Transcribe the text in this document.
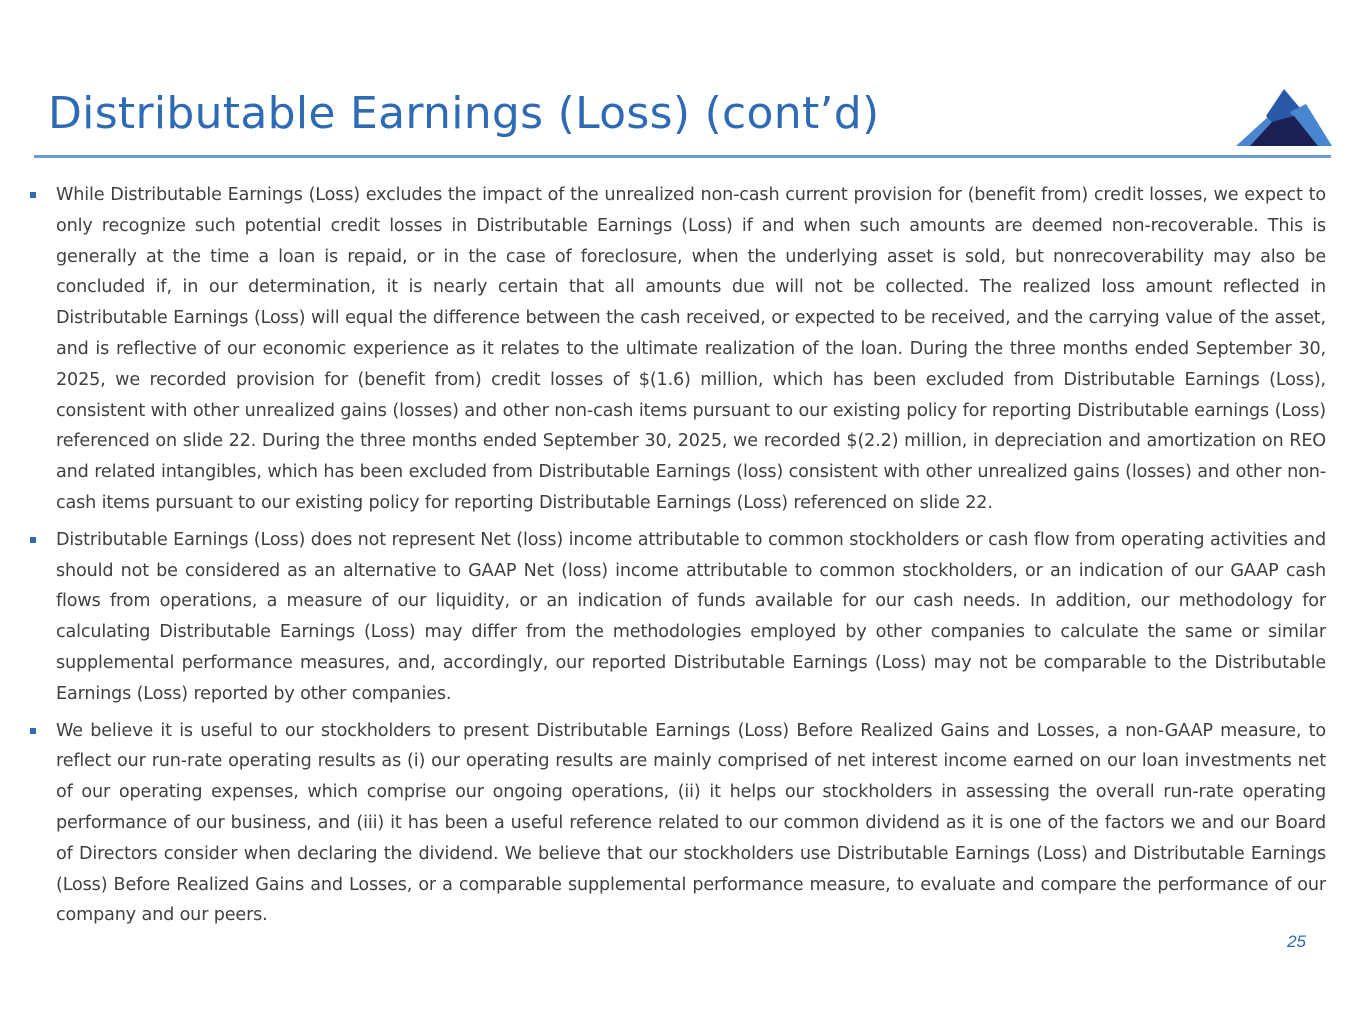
Distributable Earnings (Loss) (cont’d)
While Distributable Earnings (Loss) excludes the impact of the unrealized non-cash current provision for (benefit from) credit losses, we expect to only recognize such potential credit losses in Distributable Earnings (Loss) if and when such amounts are deemed non-recoverable. This is generally at the time a loan is repaid, or in the case of foreclosure, when the underlying asset is sold, but nonrecoverability may also be concluded if, in our determination, it is nearly certain that all amounts due will not be collected. The realized loss amount reflected in Distributable Earnings (Loss) will equal the difference between the cash received, or expected to be received, and the carrying value of the asset, and is reflective of our economic experience as it relates to the ultimate realization of the loan. During the three months ended September 30, 2025, we recorded provision for (benefit from) credit losses of $(1.6) million, which has been excluded from Distributable Earnings (Loss), consistent with other unrealized gains (losses) and other non-cash items pursuant to our existing policy for reporting Distributable earnings (Loss) referenced on slide 22. During the three months ended September 30, 2025, we recorded $(2.2) million, in depreciation and amortization on REO and related intangibles, which has been excluded from Distributable Earnings (loss) consistent with other unrealized gains (losses) and other non-cash items pursuant to our existing policy for reporting Distributable Earnings (Loss) referenced on slide 22.
Distributable Earnings (Loss) does not represent Net (loss) income attributable to common stockholders or cash flow from operating activities and should not be considered as an alternative to GAAP Net (loss) income attributable to common stockholders, or an indication of our GAAP cash flows from operations, a measure of our liquidity, or an indication of funds available for our cash needs. In addition, our methodology for calculating Distributable Earnings (Loss) may differ from the methodologies employed by other companies to calculate the same or similar supplemental performance measures, and, accordingly, our reported Distributable Earnings (Loss) may not be comparable to the Distributable Earnings (Loss) reported by other companies.
We believe it is useful to our stockholders to present Distributable Earnings (Loss) Before Realized Gains and Losses, a non-GAAP measure, to reflect our run-rate operating results as (i) our operating results are mainly comprised of net interest income earned on our loan investments net of our operating expenses, which comprise our ongoing operations, (ii) it helps our stockholders in assessing the overall run-rate operating performance of our business, and (iii) it has been a useful reference related to our common dividend as it is one of the factors we and our Board of Directors consider when declaring the dividend. We believe that our stockholders use Distributable Earnings (Loss) and Distributable Earnings (Loss) Before Realized Gains and Losses, or a comparable supplemental performance measure, to evaluate and compare the performance of our company and our peers.
25
